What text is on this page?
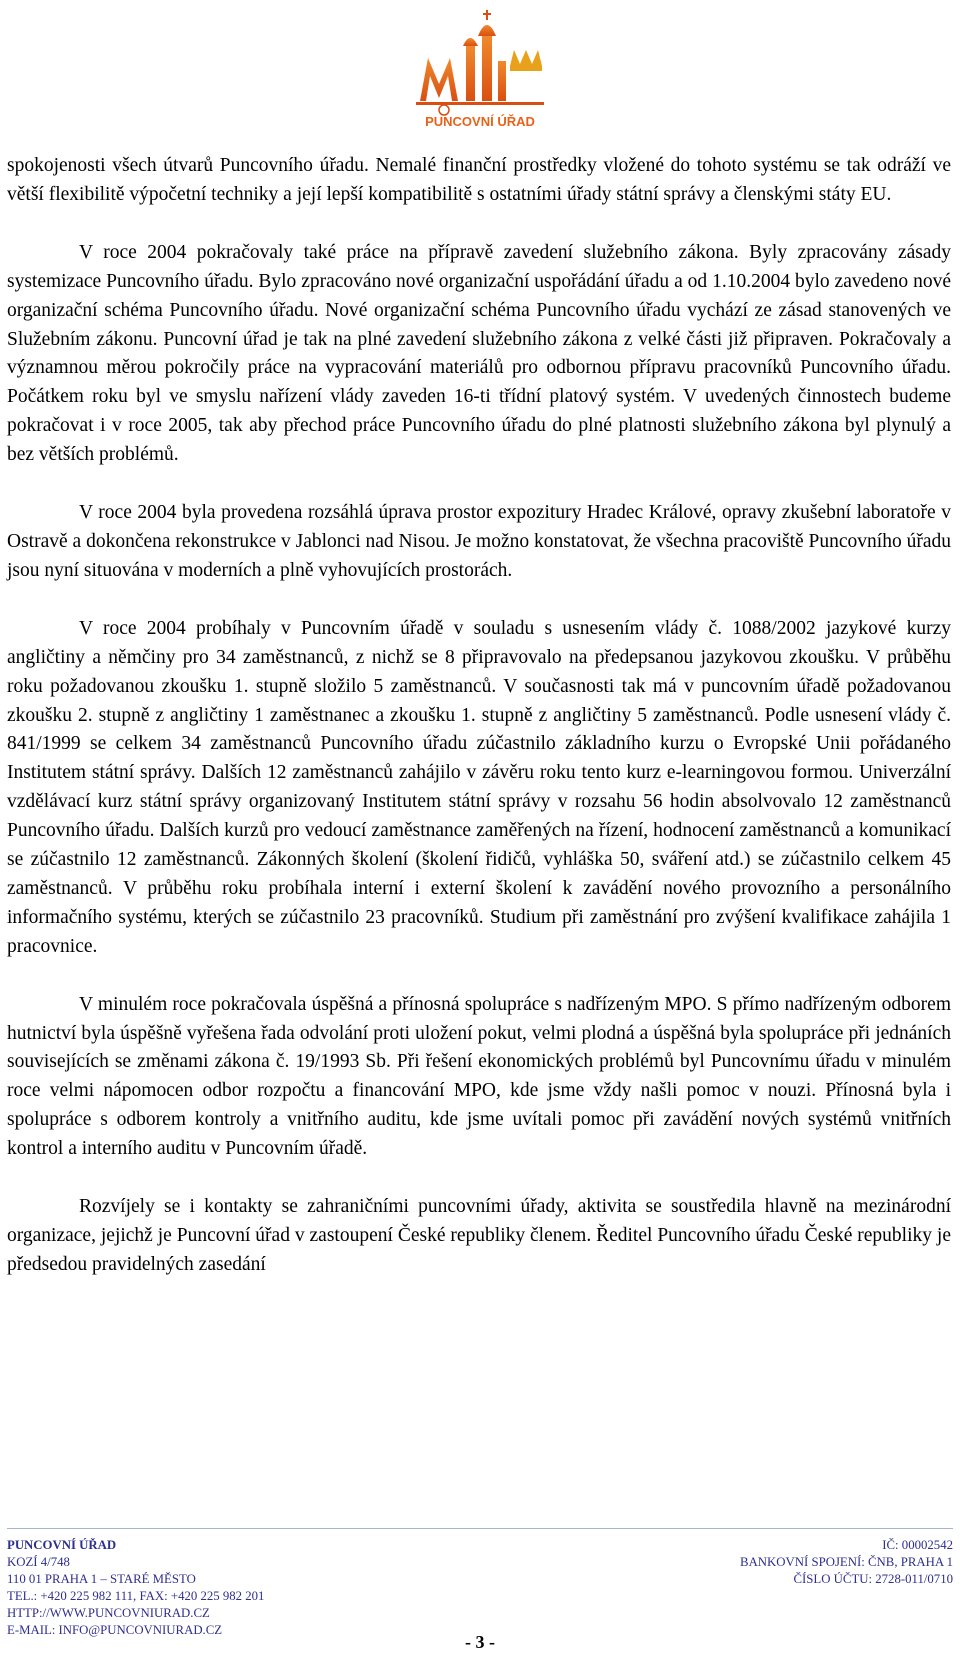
PUNCOVNÍ ÚŘAD

spokojenosti všech útvarů Puncovního úřadu. Nemalé finanční prostředky vložené do tohoto systému se tak odráží ve větší flexibilitě výpočetní techniky a její lepší kompatibilitě s ostatními úřady státní správy a členskými státy EU.

V roce 2004 pokračovaly také práce na přípravě zavedení služebního zákona. Byly zpracovány zásady systemizace Puncovního úřadu. Bylo zpracováno nové organizační uspořádání úřadu a od 1.10.2004 bylo zavedeno nové organizační schéma Puncovního úřadu. Nové organizační schéma Puncovního úřadu vychází ze zásad stanovených ve Služebním zákonu. Puncovní úřad je tak na plné zavedení služebního zákona z velké části již připraven. Pokračovaly a významnou měrou pokročily práce na vypracování materiálů pro odbornou přípravu pracovníků Puncovního úřadu. Počátkem roku byl ve smyslu nařízení vlády zaveden 16-ti třídní platový systém. V uvedených činnostech budeme pokračovat i v roce 2005, tak aby přechod práce Puncovního úřadu do plné platnosti služebního zákona byl plynulý a bez větších problémů.

V roce 2004 byla provedena rozsáhlá úprava prostor expozitury Hradec Králové, opravy zkušební laboratoře v Ostravě a dokončena rekonstrukce v Jablonci nad Nisou. Je možno konstatovat, že všechna pracoviště Puncovního úřadu jsou nyní situována v moderních a plně vyhovujících prostorách.

V roce 2004 probíhaly v Puncovním úřadě v souladu s usnesením vlády č. 1088/2002 jazykové kurzy angličtiny a němčiny pro 34 zaměstnanců, z nichž se 8 připravovalo na předepsanou jazykovou zkoušku. V průběhu roku požadovanou zkoušku 1. stupně složilo 5 zaměstnanců. V současnosti tak má v puncovním úřadě požadovanou zkoušku 2. stupně z angličtiny 1 zaměstnanec a zkoušku 1. stupně z angličtiny 5 zaměstnanců. Podle usnesení vlády č. 841/1999 se celkem 34 zaměstnanců Puncovního úřadu zúčastnilo základního kurzu o Evropské Unii pořádaného Institutem státní správy. Dalších 12 zaměstnanců zahájilo v závěru roku tento kurz e-learningovou formou. Univerzální vzdělávací kurz státní správy organizovaný Institutem státní správy v rozsahu 56 hodin absolvovalo 12 zaměstnanců Puncovního úřadu. Dalších kurzů pro vedoucí zaměstnance zaměřených na řízení, hodnocení zaměstnanců a komunikací se zúčastnilo 12 zaměstnanců. Zákonných školení (školení řidičů, vyhláška 50, sváření atd.) se zúčastnilo celkem 45 zaměstnanců. V průběhu roku probíhala interní i externí školení k zavádění nového provozního a personálního informačního systému, kterých se zúčastnilo 23 pracovníků. Studium při zaměstnání pro zvýšení kvalifikace zahájila 1 pracovnice.

V minulém roce pokračovala úspěšná a přínosná spolupráce s nadřízeným MPO. S přímo nadřízeným odborem hutnictví byla úspěšně vyřešena řada odvolání proti uložení pokut, velmi plodná a úspěšná byla spolupráce při jednáních souvisejících se změnami zákona č. 19/1993 Sb. Při řešení ekonomických problémů byl Puncovnímu úřadu v minulém roce velmi nápomocen odbor rozpočtu a financování MPO, kde jsme vždy našli pomoc v nouzi. Přínosná byla i spolupráce s odborem kontroly a vnitřního auditu, kde jsme uvítali pomoc při zavádění nových systémů vnitřních kontrol a interního auditu v Puncovním úřadě.

Rozvíjely se i kontakty se zahraničními puncovními úřady, aktivita se soustředila hlavně na mezinárodní organizace, jejichž je Puncovní úřad v zastoupení České republiky členem. Ředitel Puncovního úřadu České republiky je předsedou pravidelných zasedání

PUNCOVNÍ ÚŘAD
KOZÍ 4/748
110 01 PRAHA 1 – STARÉ MĚSTO
TEL.: +420 225 982 111, FAX: +420 225 982 201
HTTP://WWW.PUNCOVNIURAD.CZ
E-MAIL: INFO@PUNCOVNIURAD.CZ
IČ: 00002542
BANKOVNÍ SPOJENÍ: ČNB, PRAHA 1
ČÍSLO ÚČTU: 2728-011/0710
- 3 -
